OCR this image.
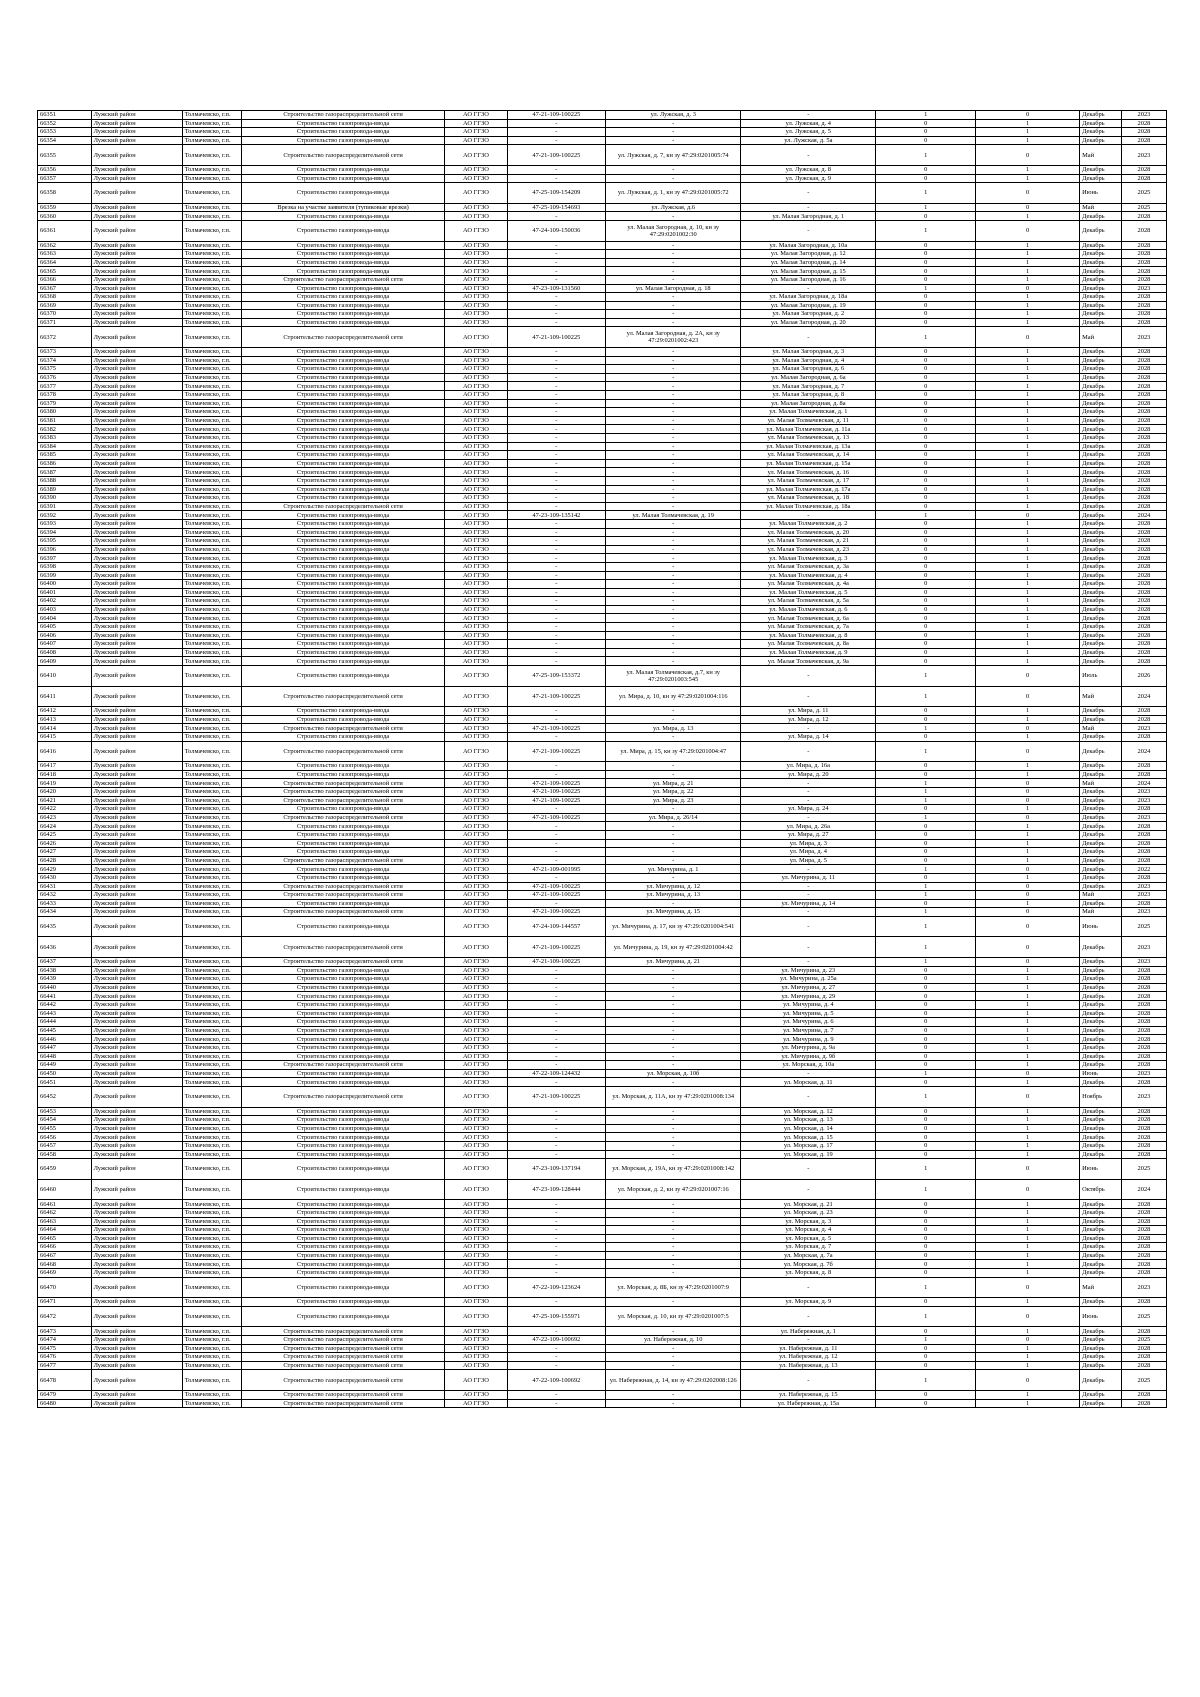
66351	Лужский район	Толмачевско, г.п.	Строительство газораспределительной сети	АО ГГЗО	47-21-109-100225	ул. Лужская, д. 3	-	1	0	Декабрь	2023
66352	Лужский район	Толмачевско, г.п.	Строительство газопровода-ввода	АО ГГЗО	-	-	ул. Лужская, д. 4	0	1	Декабрь	2028
66353	Лужский район	Толмачевско, г.п.	Строительство газопровода-ввода	АО ГГЗО	-	-	ул. Лужская, д. 5	0	1	Декабрь	2028
66354	Лужский район	Толмачевско, г.п.	Строительство газопровода-ввода	АО ГГЗО	-	-	ул. Лужская, д. 5а	0	1	Декабрь	2028
66355	Лужский район	Толмачевско, г.п.	Строительство газораспределительной сети	АО ГГЗО	47-21-109-100225	ул. Лужская, д. 7, кн зу 47:29:0201005:74	-	1	0	Май	2023
66356	Лужский район	Толмачевско, г.п.	Строительство газопровода-ввода	АО ГГЗО	-	-	ул. Лужская, д. 8	0	1	Декабрь	2028
66357	Лужский район	Толмачевско, г.п.	Строительство газопровода-ввода	АО ГГЗО	-	-	ул. Лужская, д. 9	0	1	Декабрь	2028
66358	Лужский район	Толмачевско, г.п.	Строительство газопровода-ввода	АО ГГЗО	47-25-109-154209	ул. Лужская, д. 1, кн зу 47:29:0201005:72	-	1	0	Июнь	2025
66359	Лужский район	Толмачевско, г.п.	Врезка на участке заявителя (тупиковые врезки)	АО ГГЗО	47-25-109-154693	ул. Лужская, д.6	-	1	0	Май	2025
66360	Лужский район	Толмачевско, г.п.	Строительство газопровода-ввода	АО ГГЗО	-	-	ул. Малая Загородная, д. 1	0	1	Декабрь	2028
66361	Лужский район	Толмачевско, г.п.	Строительство газопровода-ввода	АО ГГЗО	47-24-109-150036	ул. Малая Загородная, д. 10, кн зу 47:29:0201002:30	-	1	0	Декабрь	2028
66362	Лужский район	Толмачевско, г.п.	Строительство газопровода-ввода	АО ГГЗО	-	-	ул. Малая Загородная, д. 10а	0	1	Декабрь	2028
66363	Лужский район	Толмачевско, г.п.	Строительство газопровода-ввода	АО ГГЗО	-	-	ул. Малая Загородная, д. 12	0	1	Декабрь	2028
66364	Лужский район	Толмачевско, г.п.	Строительство газопровода-ввода	АО ГГЗО	-	-	ул. Малая Загородная, д. 14	0	1	Декабрь	2028
66365	Лужский район	Толмачевско, г.п.	Строительство газопровода-ввода	АО ГГЗО	-	-	ул. Малая Загородная, д. 15	0	1	Декабрь	2028
66366	Лужский район	Толмачевско, г.п.	Строительство газораспределительной сети	АО ГГЗО	-	-	ул. Малая Загородная, д. 16	0	1	Декабрь	2028
66367	Лужский район	Толмачевско, г.п.	Строительство газопровода-ввода	АО ГГЗО	47-23-109-131560	ул. Малая Загородная, д. 18	-	1	0	Декабрь	2023
66368	Лужский район	Толмачевско, г.п.	Строительство газопровода-ввода	АО ГГЗО	-	-	ул. Малая Загородная, д. 18а	0	1	Декабрь	2028
66369	Лужский район	Толмачевско, г.п.	Строительство газопровода-ввода	АО ГГЗО	-	-	ул. Малая Загородная, д. 19	0	1	Декабрь	2028
66370	Лужский район	Толмачевско, г.п.	Строительство газопровода-ввода	АО ГГЗО	-	-	ул. Малая Загородная, д. 2	0	1	Декабрь	2028
66371	Лужский район	Толмачевско, г.п.	Строительство газопровода-ввода	АО ГГЗО	-	-	ул. Малая Загородная, д. 20	0	1	Декабрь	2028
66372	Лужский район	Толмачевско, г.п.	Строительство газораспределительной сети	АО ГГЗО	47-21-109-100225	ул. Малая Загородная, д. 2А, кн зу 47:29:0201002:423	-	1	0	Май	2023
66373	Лужский район	Толмачевско, г.п.	Строительство газопровода-ввода	АО ГГЗО	-	-	ул. Малая Загородная, д. 3	0	1	Декабрь	2028
66374	Лужский район	Толмачевско, г.п.	Строительство газопровода-ввода	АО ГГЗО	-	-	ул. Малая Загородная, д. 4	0	1	Декабрь	2028
66375	Лужский район	Толмачевско, г.п.	Строительство газопровода-ввода	АО ГГЗО	-	-	ул. Малая Загородная, д. 6	0	1	Декабрь	2028
66376	Лужский район	Толмачевско, г.п.	Строительство газопровода-ввода	АО ГГЗО	-	-	ул. Малая Загородная, д. 6а	0	1	Декабрь	2028
66377	Лужский район	Толмачевско, г.п.	Строительство газопровода-ввода	АО ГГЗО	-	-	ул. Малая Загородная, д. 7	0	1	Декабрь	2028
66378	Лужский район	Толмачевско, г.п.	Строительство газопровода-ввода	АО ГГЗО	-	-	ул. Малая Загородная, д. 8	0	1	Декабрь	2028
66379	Лужский район	Толмачевско, г.п.	Строительство газопровода-ввода	АО ГГЗО	-	-	ул. Малая Загородная, д. 8а	0	1	Декабрь	2028
66380	Лужский район	Толмачевско, г.п.	Строительство газопровода-ввода	АО ГГЗО	-	-	ул. Малая Толмачевская, д. 1	0	1	Декабрь	2028
66381	Лужский район	Толмачевско, г.п.	Строительство газопровода-ввода	АО ГГЗО	-	-	ул. Малая Толмачевская, д. 11	0	1	Декабрь	2028
66382	Лужский район	Толмачевско, г.п.	Строительство газопровода-ввода	АО ГГЗО	-	-	ул. Малая Толмачевская, д. 11а	0	1	Декабрь	2028
66383	Лужский район	Толмачевско, г.п.	Строительство газопровода-ввода	АО ГГЗО	-	-	ул. Малая Толмачевская, д. 13	0	1	Декабрь	2028
66384	Лужский район	Толмачевско, г.п.	Строительство газопровода-ввода	АО ГГЗО	-	-	ул. Малая Толмачевская, д. 13а	0	1	Декабрь	2028
66385	Лужский район	Толмачевско, г.п.	Строительство газопровода-ввода	АО ГГЗО	-	-	ул. Малая Толмачевская, д. 14	0	1	Декабрь	2028
66386	Лужский район	Толмачевско, г.п.	Строительство газопровода-ввода	АО ГГЗО	-	-	ул. Малая Толмачевская, д. 15а	0	1	Декабрь	2028
66387	Лужский район	Толмачевско, г.п.	Строительство газопровода-ввода	АО ГГЗО	-	-	ул. Малая Толмачевская, д. 16	0	1	Декабрь	2028
66388	Лужский район	Толмачевско, г.п.	Строительство газопровода-ввода	АО ГГЗО	-	-	ул. Малая Толмачевская, д. 17	0	1	Декабрь	2028
66389	Лужский район	Толмачевско, г.п.	Строительство газопровода-ввода	АО ГГЗО	-	-	ул. Малая Толмачевская, д. 17а	0	1	Декабрь	2028
66390	Лужский район	Толмачевско, г.п.	Строительство газопровода-ввода	АО ГГЗО	-	-	ул. Малая Толмачевская, д. 18	0	1	Декабрь	2028
66391	Лужский район	Толмачевско, г.п.	Строительство газораспределительной сети	АО ГГЗО	-	-	ул. Малая Толмачевская, д. 18а	0	1	Декабрь	2028
66392	Лужский район	Толмачевско, г.п.	Строительство газопровода-ввода	АО ГГЗО	47-23-109-135142	ул. Малая Толмачевская, д. 19	-	1	0	Декабрь	2024
66393	Лужский район	Толмачевско, г.п.	Строительство газопровода-ввода	АО ГГЗО	-	-	ул. Малая Толмачевская, д. 2	0	1	Декабрь	2028
66394	Лужский район	Толмачевско, г.п.	Строительство газопровода-ввода	АО ГГЗО	-	-	ул. Малая Толмачевская, д. 20	0	1	Декабрь	2028
66395	Лужский район	Толмачевско, г.п.	Строительство газопровода-ввода	АО ГГЗО	-	-	ул. Малая Толмачевская, д. 21	0	1	Декабрь	2028
66396	Лужский район	Толмачевско, г.п.	Строительство газопровода-ввода	АО ГГЗО	-	-	ул. Малая Толмачевская, д. 23	0	1	Декабрь	2028
66397	Лужский район	Толмачевско, г.п.	Строительство газопровода-ввода	АО ГГЗО	-	-	ул. Малая Толмачевская, д. 3	0	1	Декабрь	2028
66398	Лужский район	Толмачевско, г.п.	Строительство газопровода-ввода	АО ГГЗО	-	-	ул. Малая Толмачевская, д. 3а	0	1	Декабрь	2028
66399	Лужский район	Толмачевско, г.п.	Строительство газопровода-ввода	АО ГГЗО	-	-	ул. Малая Толмачевская, д. 4	0	1	Декабрь	2028
66400	Лужский район	Толмачевско, г.п.	Строительство газопровода-ввода	АО ГГЗО	-	-	ул. Малая Толмачевская, д. 4а	0	1	Декабрь	2028
66401	Лужский район	Толмачевско, г.п.	Строительство газопровода-ввода	АО ГГЗО	-	-	ул. Малая Толмачевская, д. 5	0	1	Декабрь	2028
66402	Лужский район	Толмачевско, г.п.	Строительство газопровода-ввода	АО ГГЗО	-	-	ул. Малая Толмачевская, д. 5а	0	1	Декабрь	2028
66403	Лужский район	Толмачевско, г.п.	Строительство газопровода-ввода	АО ГГЗО	-	-	ул. Малая Толмачевская, д. 6	0	1	Декабрь	2028
66404	Лужский район	Толмачевско, г.п.	Строительство газопровода-ввода	АО ГГЗО	-	-	ул. Малая Толмачевская, д. 6а	0	1	Декабрь	2028
66405	Лужский район	Толмачевско, г.п.	Строительство газопровода-ввода	АО ГГЗО	-	-	ул. Малая Толмачевская, д. 7а	0	1	Декабрь	2028
66406	Лужский район	Толмачевско, г.п.	Строительство газопровода-ввода	АО ГГЗО	-	-	ул. Малая Толмачевская, д. 8	0	1	Декабрь	2028
66407	Лужский район	Толмачевско, г.п.	Строительство газопровода-ввода	АО ГГЗО	-	-	ул. Малая Толмачевская, д. 8а	0	1	Декабрь	2028
66408	Лужский район	Толмачевско, г.п.	Строительство газопровода-ввода	АО ГГЗО	-	-	ул. Малая Толмачевская, д. 9	0	1	Декабрь	2028
66409	Лужский район	Толмачевско, г.п.	Строительство газопровода-ввода	АО ГГЗО	-	-	ул. Малая Толмачевская, д. 9а	0	1	Декабрь	2028
66410	Лужский район	Толмачевско, г.п.	Строительство газопровода-ввода	АО ГГЗО	47-25-109-153372	ул. Малая Толмачевская, д.7, кн зу 47:29:0201003:545	-	1	0	Июль	2026
66411	Лужский район	Толмачевско, г.п.	Строительство газораспределительной сети	АО ГГЗО	47-21-109-100225	ул. Мира, д. 10, кн зу 47:29:0201004:116	-	1	0	Май	2024
66412	Лужский район	Толмачевско, г.п.	Строительство газопровода-ввода	АО ГГЗО	-	-	ул. Мира, д. 11	0	1	Декабрь	2028
66413	Лужский район	Толмачевско, г.п.	Строительство газопровода-ввода	АО ГГЗО	-	-	ул. Мира, д. 12	0	1	Декабрь	2028
66414	Лужский район	Толмачевско, г.п.	Строительство газораспределительной сети	АО ГГЗО	47-21-109-100225	ул. Мира, д. 13	-	1	0	Май	2023
66415	Лужский район	Толмачевско, г.п.	Строительство газопровода-ввода	АО ГГЗО	-	-	ул. Мира, д. 14	0	1	Декабрь	2028
66416	Лужский район	Толмачевско, г.п.	Строительство газораспределительной сети	АО ГГЗО	47-21-109-100225	ул. Мира, д. 15, кн зу 47:29:0201004:47	-	1	0	Декабрь	2024
66417	Лужский район	Толмачевско, г.п.	Строительство газопровода-ввода	АО ГГЗО	-	-	ул. Мира, д. 16а	0	1	Декабрь	2028
66418	Лужский район	Толмачевско, г.п.	Строительство газопровода-ввода	АО ГГЗО	-	-	ул. Мира, д. 20	0	1	Декабрь	2028
66419	Лужский район	Толмачевско, г.п.	Строительство газораспределительной сети	АО ГГЗО	47-21-109-100225	ул. Мира, д. 21	-	1	0	Май	2024
66420	Лужский район	Толмачевско, г.п.	Строительство газораспределительной сети	АО ГГЗО	47-21-109-100225	ул. Мира, д. 22	-	1	0	Декабрь	2023
66421	Лужский район	Толмачевско, г.п.	Строительство газораспределительной сети	АО ГГЗО	47-21-109-100225	ул. Мира, д. 23	-	1	0	Декабрь	2023
66422	Лужский район	Толмачевско, г.п.	Строительство газопровода-ввода	АО ГГЗО	-	-	ул. Мира, д. 24	0	1	Декабрь	2028
66423	Лужский район	Толмачевско, г.п.	Строительство газораспределительной сети	АО ГГЗО	47-21-109-100225	ул. Мира, д. 26/14	-	1	0	Декабрь	2023
66424	Лужский район	Толмачевско, г.п.	Строительство газопровода-ввода	АО ГГЗО	-	-	ул. Мира, д. 26а	0	1	Декабрь	2028
66425	Лужский район	Толмачевско, г.п.	Строительство газопровода-ввода	АО ГГЗО	-	-	ул. Мира, д. 27	0	1	Декабрь	2028
66426	Лужский район	Толмачевско, г.п.	Строительство газопровода-ввода	АО ГГЗО	-	-	ул. Мира, д. 3	0	1	Декабрь	2028
66427	Лужский район	Толмачевско, г.п.	Строительство газопровода-ввода	АО ГГЗО	-	-	ул. Мира, д. 4	0	1	Декабрь	2028
66428	Лужский район	Толмачевско, г.п.	Строительство газораспределительной сети	АО ГГЗО	-	-	ул. Мира, д. 5	0	1	Декабрь	2028
66429	Лужский район	Толмачевско, г.п.	Строительство газопровода-ввода	АО ГГЗО	47-21-109-001995	ул. Мичурина, д. 1	-	1	0	Декабрь	2022
66430	Лужский район	Толмачевско, г.п.	Строительство газопровода-ввода	АО ГГЗО	-	-	ул. Мичурина, д. 11	0	1	Декабрь	2028
66431	Лужский район	Толмачевско, г.п.	Строительство газораспределительной сети	АО ГГЗО	47-21-109-100225	ул. Мичурина, д. 12	-	1	0	Декабрь	2023
66432	Лужский район	Толмачевско, г.п.	Строительство газораспределительной сети	АО ГГЗО	47-21-109-100225	ул. Мичурина, д. 13	-	1	0	Май	2023
66433	Лужский район	Толмачевско, г.п.	Строительство газопровода-ввода	АО ГГЗО	-	-	ул. Мичурина, д. 14	0	1	Декабрь	2028
66434	Лужский район	Толмачевско, г.п.	Строительство газораспределительной сети	АО ГГЗО	47-21-109-100225	ул. Мичурина, д. 15	-	1	0	Май	2023
66435	Лужский район	Толмачевско, г.п.	Строительство газопровода-ввода	АО ГГЗО	47-24-109-144557	ул. Мичурина, д. 17, кн зу 47:29:0201004:541	-	1	0	Июнь	2025
66436	Лужский район	Толмачевско, г.п.	Строительство газораспределительной сети	АО ГГЗО	47-21-109-100225	ул. Мичурина, д. 19, кн зу 47:29:0201004:42	-	1	0	Декабрь	2023
66437	Лужский район	Толмачевско, г.п.	Строительство газораспределительной сети	АО ГГЗО	47-21-109-100225	ул. Мичурина, д. 21	-	1	0	Декабрь	2023
66438	Лужский район	Толмачевско, г.п.	Строительство газопровода-ввода	АО ГГЗО	-	-	ул. Мичурина, д. 23	0	1	Декабрь	2028
66439	Лужский район	Толмачевско, г.п.	Строительство газопровода-ввода	АО ГГЗО	-	-	ул. Мичурина, д. 25а	0	1	Декабрь	2028
66440	Лужский район	Толмачевско, г.п.	Строительство газопровода-ввода	АО ГГЗО	-	-	ул. Мичурина, д. 27	0	1	Декабрь	2028
66441	Лужский район	Толмачевско, г.п.	Строительство газопровода-ввода	АО ГГЗО	-	-	ул. Мичурина, д. 29	0	1	Декабрь	2028
66442	Лужский район	Толмачевско, г.п.	Строительство газопровода-ввода	АО ГГЗО	-	-	ул. Мичурина, д. 4	0	1	Декабрь	2028
66443	Лужский район	Толмачевско, г.п.	Строительство газопровода-ввода	АО ГГЗО	-	-	ул. Мичурина, д. 5	0	1	Декабрь	2028
66444	Лужский район	Толмачевско, г.п.	Строительство газопровода-ввода	АО ГГЗО	-	-	ул. Мичурина, д. 6	0	1	Декабрь	2028
66445	Лужский район	Толмачевско, г.п.	Строительство газопровода-ввода	АО ГГЗО	-	-	ул. Мичурина, д. 7	0	1	Декабрь	2028
66446	Лужский район	Толмачевско, г.п.	Строительство газопровода-ввода	АО ГГЗО	-	-	ул. Мичурина, д. 9	0	1	Декабрь	2028
66447	Лужский район	Толмачевско, г.п.	Строительство газопровода-ввода	АО ГГЗО	-	-	ул. Мичурина, д. 9а	0	1	Декабрь	2028
66448	Лужский район	Толмачевско, г.п.	Строительство газопровода-ввода	АО ГГЗО	-	-	ул. Мичурина, д. 9б	0	1	Декабрь	2028
66449	Лужский район	Толмачевско, г.п.	Строительство газораспределительной сети	АО ГГЗО	-	-	ул. Морская, д. 10а	0	1	Декабрь	2028
66450	Лужский район	Толмачевско, г.п.	Строительство газопровода-ввода	АО ГГЗО	47-22-109-124432	ул. Морская, д. 10б	-	1	0	Июнь	2023
66451	Лужский район	Толмачевско, г.п.	Строительство газопровода-ввода	АО ГГЗО	-	-	ул. Морская, д. 11	0	1	Декабрь	2028
66452	Лужский район	Толмачевско, г.п.	Строительство газораспределительной сети	АО ГГЗО	47-21-109-100225	ул. Морская, д. 11А, кн зу 47:29:0201008:134	-	1	0	Ноябрь	2023
66453	Лужский район	Толмачевско, г.п.	Строительство газопровода-ввода	АО ГГЗО	-	-	ул. Морская, д. 12	0	1	Декабрь	2028
66454	Лужский район	Толмачевско, г.п.	Строительство газопровода-ввода	АО ГГЗО	-	-	ул. Морская, д. 13	0	1	Декабрь	2028
66455	Лужский район	Толмачевско, г.п.	Строительство газопровода-ввода	АО ГГЗО	-	-	ул. Морская, д. 14	0	1	Декабрь	2028
66456	Лужский район	Толмачевско, г.п.	Строительство газопровода-ввода	АО ГГЗО	-	-	ул. Морская, д. 15	0	1	Декабрь	2028
66457	Лужский район	Толмачевско, г.п.	Строительство газопровода-ввода	АО ГГЗО	-	-	ул. Морская, д. 17	0	1	Декабрь	2028
66458	Лужский район	Толмачевско, г.п.	Строительство газопровода-ввода	АО ГГЗО	-	-	ул. Морская, д. 19	0	1	Декабрь	2028
66459	Лужский район	Толмачевско, г.п.	Строительство газопровода-ввода	АО ГГЗО	47-23-109-137194	ул. Морская, д. 19А, кн зу 47:29:0201008:142	-	1	0	Июнь	2025
66460	Лужский район	Толмачевско, г.п.	Строительство газопровода-ввода	АО ГГЗО	47-23-109-128444	ул. Морская, д. 2, кн зу 47:29:0201007:16	-	1	0	Октябрь	2024
66461	Лужский район	Толмачевско, г.п.	Строительство газопровода-ввода	АО ГГЗО	-	-	ул. Морская, д. 21	0	1	Декабрь	2028
66462	Лужский район	Толмачевско, г.п.	Строительство газопровода-ввода	АО ГГЗО	-	-	ул. Морская, д. 23	0	1	Декабрь	2028
66463	Лужский район	Толмачевско, г.п.	Строительство газопровода-ввода	АО ГГЗО	-	-	ул. Морская, д. 3	0	1	Декабрь	2028
66464	Лужский район	Толмачевско, г.п.	Строительство газопровода-ввода	АО ГГЗО	-	-	ул. Морская, д. 4	0	1	Декабрь	2028
66465	Лужский район	Толмачевско, г.п.	Строительство газопровода-ввода	АО ГГЗО	-	-	ул. Морская, д. 5	0	1	Декабрь	2028
66466	Лужский район	Толмачевско, г.п.	Строительство газопровода-ввода	АО ГГЗО	-	-	ул. Морская, д. 7	0	1	Декабрь	2028
66467	Лужский район	Толмачевско, г.п.	Строительство газопровода-ввода	АО ГГЗО	-	-	ул. Морская, д. 7а	0	1	Декабрь	2028
66468	Лужский район	Толмачевско, г.п.	Строительство газопровода-ввода	АО ГГЗО	-	-	ул. Морская, д. 7б	0	1	Декабрь	2028
66469	Лужский район	Толмачевско, г.п.	Строительство газопровода-ввода	АО ГГЗО	-	-	ул. Морская, д. 8	0	1	Декабрь	2028
66470	Лужский район	Толмачевско, г.п.	Строительство газопровода-ввода	АО ГГЗО	47-22-109-123624	ул. Морская, д. 8Б, кн зу 47:29:0201007:9	-	1	0	Май	2023
66471	Лужский район	Толмачевско, г.п.	Строительство газопровода-ввода	АО ГГЗО	-	-	ул. Морская, д. 9	0	1	Декабрь	2028
66472	Лужский район	Толмачевско, г.п.	Строительство газопровода-ввода	АО ГГЗО	47-25-109-155971	ул. Морская, д. 10, кн зу 47:29:0201007:5	-	1	0	Июнь	2025
66473	Лужский район	Толмачевско, г.п.	Строительство газораспределительной сети	АО ГГЗО	-	-	ул. Набережная, д. 1	0	1	Декабрь	2028
66474	Лужский район	Толмачевско, г.п.	Строительство газораспределительной сети	АО ГГЗО	47-22-109-100692	ул. Набережная, д. 10	-	1	0	Декабрь	2025
66475	Лужский район	Толмачевско, г.п.	Строительство газораспределительной сети	АО ГГЗО	-	-	ул. Набережная, д. 11	0	1	Декабрь	2028
66476	Лужский район	Толмачевско, г.п.	Строительство газораспределительной сети	АО ГГЗО	-	-	ул. Набережная, д. 12	0	1	Декабрь	2028
66477	Лужский район	Толмачевско, г.п.	Строительство газораспределительной сети	АО ГГЗО	-	-	ул. Набережная, д. 13	0	1	Декабрь	2028
66478	Лужский район	Толмачевско, г.п.	Строительство газораспределительной сети	АО ГГЗО	47-22-109-100692	ул. Набережная, д. 14, кн зу 47:29:0202008:126	-	1	0	Декабрь	2025
66479	Лужский район	Толмачевско, г.п.	Строительство газораспределительной сети	АО ГГЗО	-	-	ул. Набережная, д. 15	0	1	Декабрь	2028
66480	Лужский район	Толмачевско, г.п.	Строительство газораспределительной сети	АО ГГЗО	-	-	ул. Набережная, д. 15а	0	1	Декабрь	2028
